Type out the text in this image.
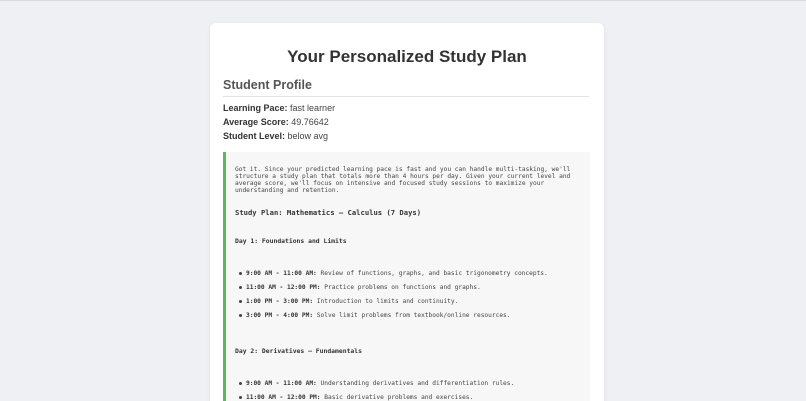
Your Personalized Study Plan
Student Profile
Learning Pace: fast learner
Average Score: 49.76642
Student Level: below avg
Got it. Since your predicted learning pace is fast and you can handle multi-tasking, we'll structure a study plan that totals more than 4 hours per day. Given your current level and average score, we'll focus on intensive and focused study sessions to maximize your understanding and retention.
Study Plan: Mathematics – Calculus (7 Days)
Day 1: Foundations and Limits
9:00 AM - 11:00 AM: Review of functions, graphs, and basic trigonometry concepts.
11:00 AM - 12:00 PM: Practice problems on functions and graphs.
1:00 PM - 3:00 PM: Introduction to limits and continuity.
3:00 PM - 4:00 PM: Solve limit problems from textbook/online resources.
Day 2: Derivatives – Fundamentals
9:00 AM - 11:00 AM: Understanding derivatives and differentiation rules.
11:00 AM - 12:00 PM: Basic derivative problems and exercises.
